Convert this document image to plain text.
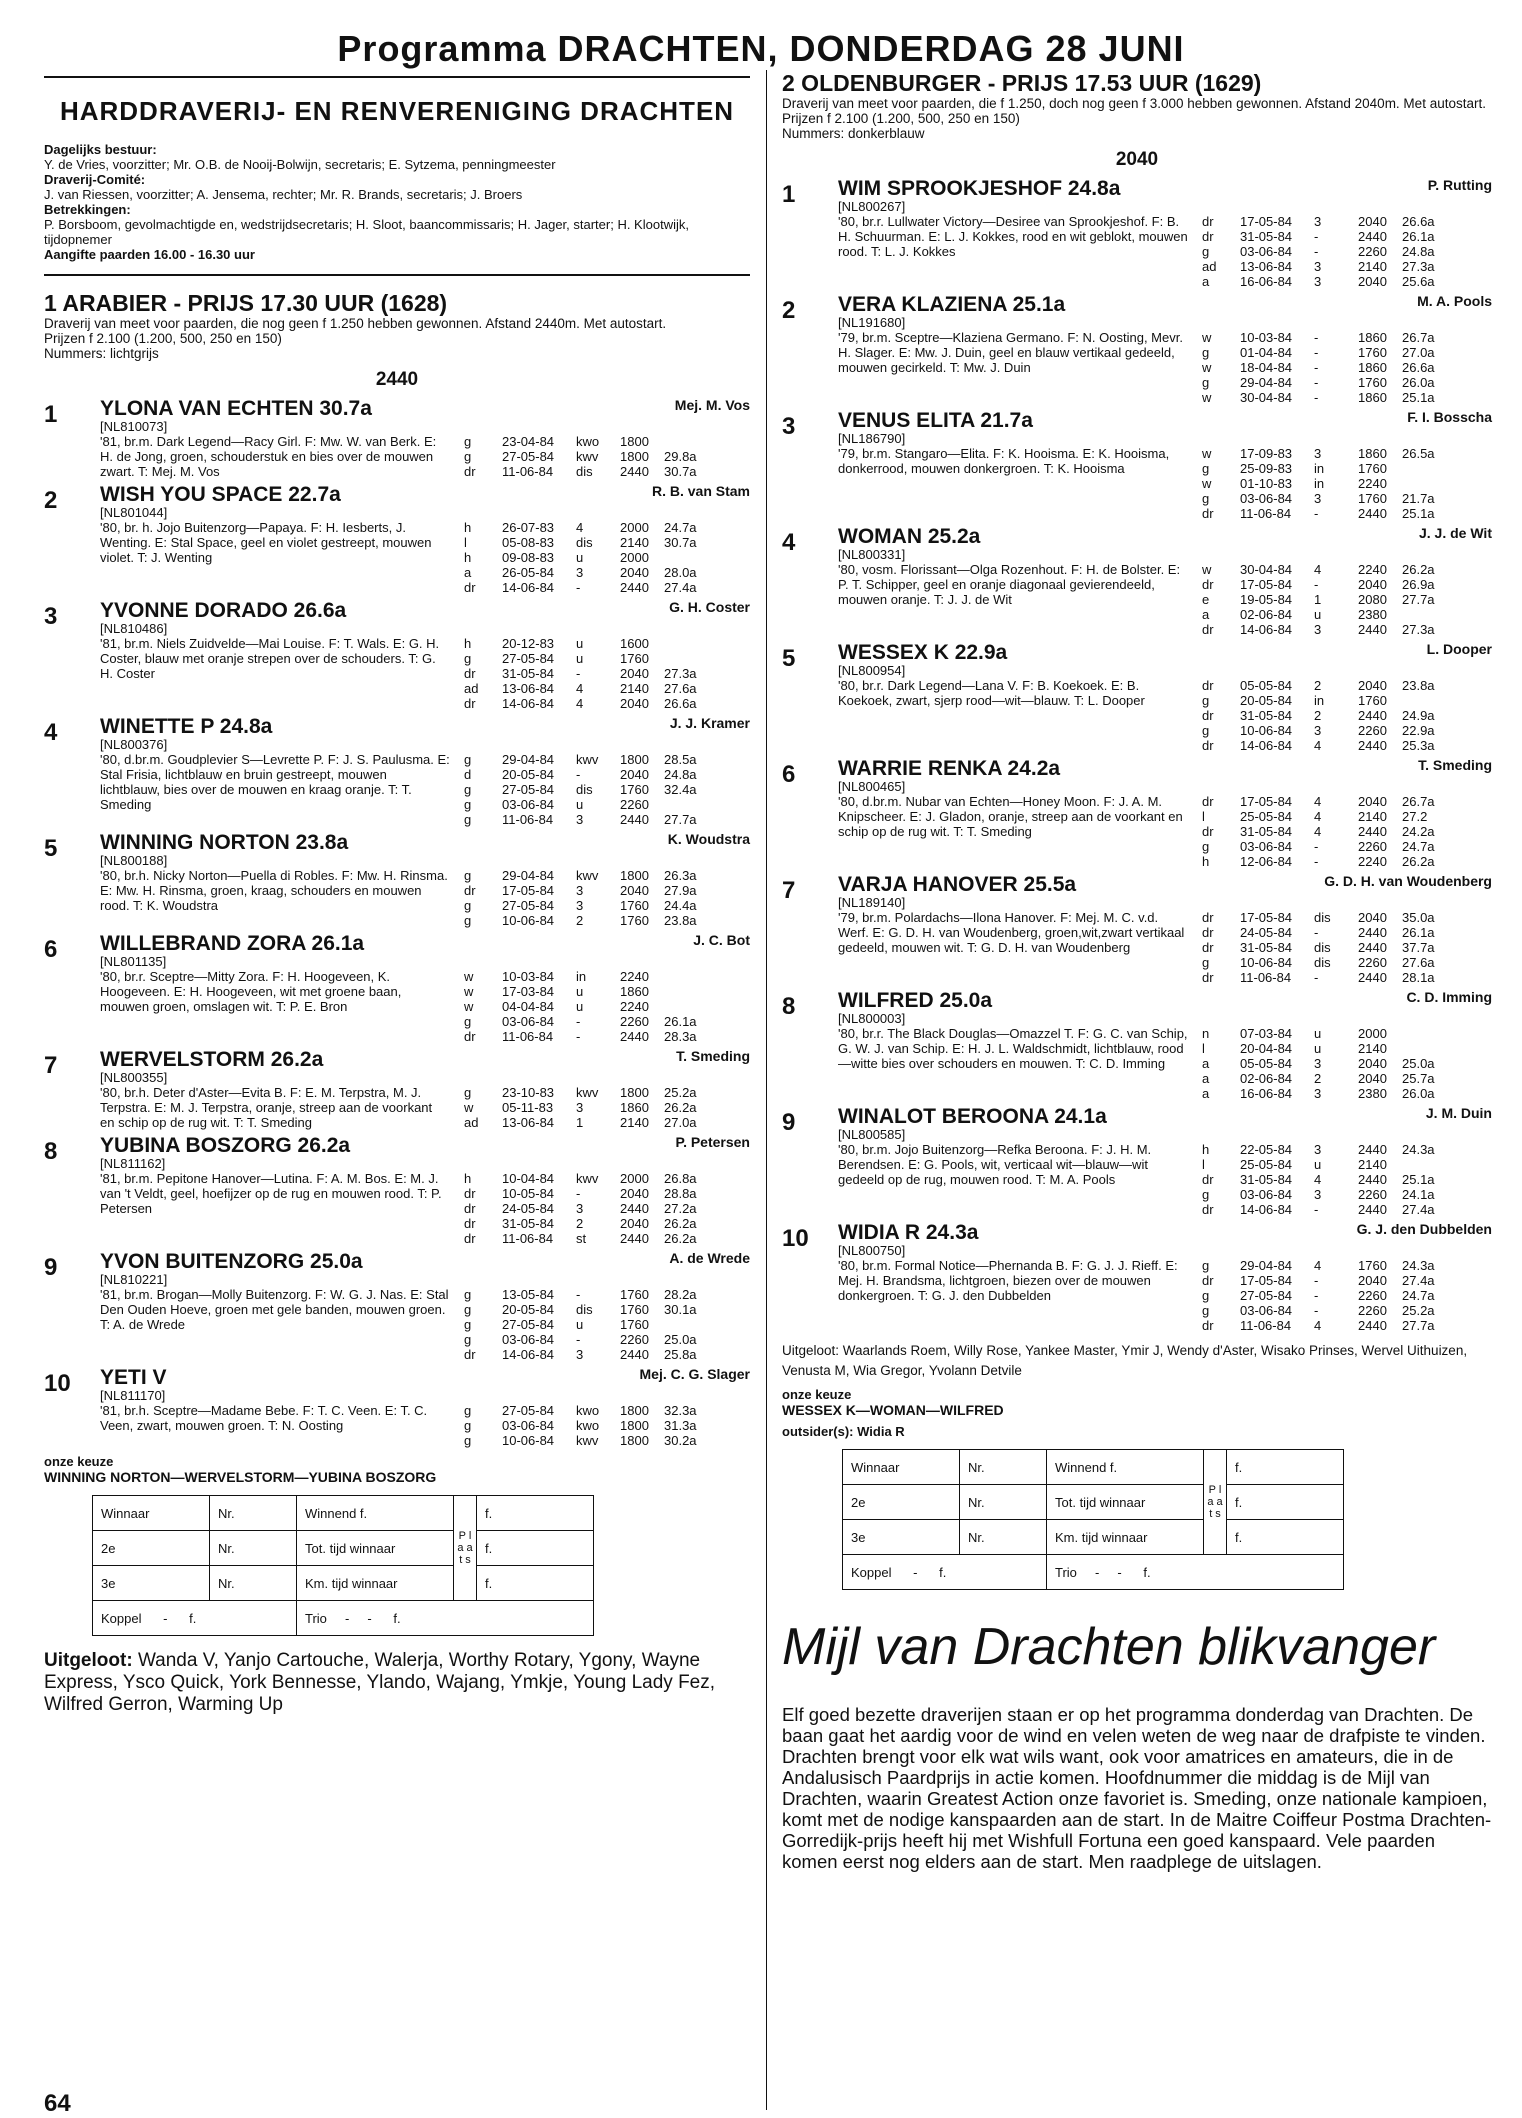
Programma DRACHTEN, DONDERDAG 28 JUNI
HARDDRAVERIJ- EN RENVERENIGING DRACHTEN
Dagelijks bestuur:
Y. de Vries, voorzitter; Mr. O.B. de Nooij-Bolwijn, secretaris; E. Sytzema, penningmeester
Draverij-Comité:
J. van Riessen, voorzitter; A. Jensema, rechter; Mr. R. Brands, secretaris; J. Broers
Betrekkingen:
P. Borsboom, gevolmachtigde en, wedstrijdsecretaris; H. Sloot, baancommissaris; H. Jager, starter; H. Klootwijk, tijdopnemer
Aangifte paarden 16.00 - 16.30 uur
1 ARABIER - PRIJS 17.30 UUR (1628)
Draverij van meet voor paarden, die nog geen f 1.250 hebben gewonnen. Afstand 2440m. Met autostart.
Prijzen f 2.100 (1.200, 500, 250 en 150)
Nummers: lichtgrijs
2440
1	Mej. M. Vos
YLONA VAN ECHTEN 30.7a
[NL810073]
'81, br.m. Dark Legend—Racy Girl. F: Mw. W. van Berk. E: H. de Jong, groen, schouderstuk en bies over de mouwen zwart. T: Mej. M. Vos
g	23-04-84	kwo	1800	
g	27-05-84	kwv	1800	29.8a
dr	11-06-84	dis	2440	30.7a
2	R. B. van Stam
WISH YOU SPACE 22.7a
[NL801044]
'80, br. h. Jojo Buitenzorg—Papaya. F: H. Iesberts, J. Wenting. E: Stal Space, geel en violet gestreept, mouwen violet. T: J. Wenting
h	26-07-83	4	2000	24.7a
l	05-08-83	dis	2140	30.7a
h	09-08-83	u	2000	
a	26-05-84	3	2040	28.0a
dr	14-06-84	-	2440	27.4a
3	G. H. Coster
YVONNE DORADO 26.6a
[NL810486]
'81, br.m. Niels Zuidvelde—Mai Louise. F: T. Wals. E: G. H. Coster, blauw met oranje strepen over de schouders. T: G. H. Coster
h	20-12-83	u	1600	
g	27-05-84	u	1760	
dr	31-05-84	-	2040	27.3a
ad	13-06-84	4	2140	27.6a
dr	14-06-84	4	2040	26.6a
4	J. J. Kramer
WINETTE P 24.8a
[NL800376]
'80, d.br.m. Goudplevier S—Levrette P. F: J. S. Paulusma. E: Stal Frisia, lichtblauw en bruin gestreept, mouwen lichtblauw, bies over de mouwen en kraag oranje. T: T. Smeding
g	29-04-84	kwv	1800	28.5a
d	20-05-84	-	2040	24.8a
g	27-05-84	dis	1760	32.4a
g	03-06-84	u	2260	
g	11-06-84	3	2440	27.7a
5	K. Woudstra
WINNING NORTON 23.8a
[NL800188]
'80, br.h. Nicky Norton—Puella di Robles. F: Mw. H. Rinsma. E: Mw. H. Rinsma, groen, kraag, schouders en mouwen rood. T: K. Woudstra
g	29-04-84	kwv	1800	26.3a
dr	17-05-84	3	2040	27.9a
g	27-05-84	3	1760	24.4a
g	10-06-84	2	1760	23.8a
6	J. C. Bot
WILLEBRAND ZORA 26.1a
[NL801135]
'80, br.r. Sceptre—Mitty Zora. F: H. Hoogeveen, K. Hoogeveen. E: H. Hoogeveen, wit met groene baan, mouwen groen, omslagen wit. T: P. E. Bron
w	10-03-84	in	2240	
w	17-03-84	u	1860	
w	04-04-84	u	2240	
g	03-06-84	-	2260	26.1a
dr	11-06-84	-	2440	28.3a
7	T. Smeding
WERVELSTORM 26.2a
[NL800355]
'80, br.h. Deter d'Aster—Evita B. F: E. M. Terpstra, M. J. Terpstra. E: M. J. Terpstra, oranje, streep aan de voorkant en schip op de rug wit. T: T. Smeding
g	23-10-83	kwv	1800	25.2a
w	05-11-83	3	1860	26.2a
ad	13-06-84	1	2140	27.0a
8	P. Petersen
YUBINA BOSZORG 26.2a
[NL811162]
'81, br.m. Pepitone Hanover—Lutina. F: A. M. Bos. E: M. J. van 't Veldt, geel, hoefijzer op de rug en mouwen rood. T: P. Petersen
h	10-04-84	kwv	2000	26.8a
dr	10-05-84	-	2040	28.8a
dr	24-05-84	3	2440	27.2a
dr	31-05-84	2	2040	26.2a
dr	11-06-84	st	2440	26.2a
9	A. de Wrede
YVON BUITENZORG 25.0a
[NL810221]
'81, br.m. Brogan—Molly Buitenzorg. F: W. G. J. Nas. E: Stal Den Ouden Hoeve, groen met gele banden, mouwen groen. T: A. de Wrede
g	13-05-84	-	1760	28.2a
g	20-05-84	dis	1760	30.1a
g	27-05-84	u	1760	
g	03-06-84	-	2260	25.0a
dr	14-06-84	3	2440	25.8a
10	Mej. C. G. Slager
YETI V
[NL811170]
'81, br.h. Sceptre—Madame Bebe. F: T. C. Veen. E: T. C. Veen, zwart, mouwen groen. T: N. Oosting
g	27-05-84	kwo	1800	32.3a
g	03-06-84	kwo	1800	31.3a
g	10-06-84	kwv	1800	30.2a
onze keuze
WINNING NORTON—WERVELSTORM—YUBINA BOSZORG
Winnaar	Nr.	Winnend f.	P l a a t s	f.
2e	Nr.	Tot. tijd winnaar		f.
3e	Nr.	Km. tijd winnaar		f.
Koppel - f.		Trio - - f.		
Uitgeloot: Wanda V, Yanjo Cartouche, Walerja, Worthy Rotary, Ygony, Wayne Express, Ysco Quick, York Bennesse, Ylando, Wajang, Ymkje, Young Lady Fez, Wilfred Gerron, Warming Up
2 OLDENBURGER - PRIJS 17.53 UUR (1629)
Draverij van meet voor paarden, die f 1.250, doch nog geen f 3.000 hebben gewonnen. Afstand 2040m. Met autostart.
Prijzen f 2.100 (1.200, 500, 250 en 150)
Nummers: donkerblauw
2040
1	P. Rutting
WIM SPROOKJESHOF 24.8a
[NL800267]
'80, br.r. Lullwater Victory—Desiree van Sprookjeshof. F: B. H. Schuurman. E: L. J. Kokkes, rood en wit geblokt, mouwen rood. T: L. J. Kokkes
dr	17-05-84	3	2040	26.6a
dr	31-05-84	-	2440	26.1a
g	03-06-84	-	2260	24.8a
ad	13-06-84	3	2140	27.3a
a	16-06-84	3	2040	25.6a
2	M. A. Pools
VERA KLAZIENA 25.1a
[NL191680]
'79, br.m. Sceptre—Klaziena Germano. F: N. Oosting, Mevr. H. Slager. E: Mw. J. Duin, geel en blauw vertikaal gedeeld, mouwen gecirkeld. T: Mw. J. Duin
w	10-03-84	-	1860	26.7a
g	01-04-84	-	1760	27.0a
w	18-04-84	-	1860	26.6a
g	29-04-84	-	1760	26.0a
w	30-04-84	-	1860	25.1a
3	F. I. Bosscha
VENUS ELITA 21.7a
[NL186790]
'79, br.m. Stangaro—Elita. F: K. Hooisma. E: K. Hooisma, donkerrood, mouwen donkergroen. T: K. Hooisma
w	17-09-83	3	1860	26.5a
g	25-09-83	in	1760	
w	01-10-83	in	2240	
g	03-06-84	3	1760	21.7a
dr	11-06-84	-	2440	25.1a
4	J. J. de Wit
WOMAN 25.2a
[NL800331]
'80, vosm. Florissant—Olga Rozenhout. F: H. de Bolster. E: P. T. Schipper, geel en oranje diagonaal gevierendeeld, mouwen oranje. T: J. J. de Wit
w	30-04-84	4	2240	26.2a
dr	17-05-84	-	2040	26.9a
e	19-05-84	1	2080	27.7a
a	02-06-84	u	2380	
dr	14-06-84	3	2440	27.3a
5	L. Dooper
WESSEX K 22.9a
[NL800954]
'80, br.r. Dark Legend—Lana V. F: B. Koekoek. E: B. Koekoek, zwart, sjerp rood—wit—blauw. T: L. Dooper
dr	05-05-84	2	2040	23.8a
g	20-05-84	in	1760	
dr	31-05-84	2	2440	24.9a
g	10-06-84	3	2260	22.9a
dr	14-06-84	4	2440	25.3a
6	T. Smeding
WARRIE RENKA 24.2a
[NL800465]
'80, d.br.m. Nubar van Echten—Honey Moon. F: J. A. M. Knipscheer. E: J. Gladon, oranje, streep aan de voorkant en schip op de rug wit. T: T. Smeding
dr	17-05-84	4	2040	26.7a
l	25-05-84	4	2140	27.2
dr	31-05-84	4	2440	24.2a
g	03-06-84	-	2260	24.7a
h	12-06-84	-	2240	26.2a
7	G. D. H. van Woudenberg
VARJA HANOVER 25.5a
[NL189140]
'79, br.m. Polardachs—Ilona Hanover. F: Mej. M. C. v.d. Werf. E: G. D. H. van Woudenberg, groen,wit,zwart vertikaal gedeeld, mouwen wit. T: G. D. H. van Woudenberg
dr	17-05-84	dis	2040	35.0a
dr	24-05-84	-	2440	26.1a
dr	31-05-84	dis	2440	37.7a
g	10-06-84	dis	2260	27.6a
dr	11-06-84	-	2440	28.1a
8	C. D. Imming
WILFRED 25.0a
[NL800003]
'80, br.r. The Black Douglas—Omazzel T. F: G. C. van Schip, G. W. J. van Schip. E: H. J. L. Waldschmidt, lichtblauw, rood—witte bies over schouders en mouwen. T: C. D. Imming
n	07-03-84	u	2000	
l	20-04-84	u	2140	
a	05-05-84	3	2040	25.0a
a	02-06-84	2	2040	25.7a
a	16-06-84	3	2380	26.0a
9	J. M. Duin
WINALOT BEROONA 24.1a
[NL800585]
'80, br.m. Jojo Buitenzorg—Refka Beroona. F: J. H. M. Berendsen. E: G. Pools, wit, verticaal wit—blauw—wit gedeeld op de rug, mouwen rood. T: M. A. Pools
h	22-05-84	3	2440	24.3a
l	25-05-84	u	2140	
dr	31-05-84	4	2440	25.1a
g	03-06-84	3	2260	24.1a
dr	14-06-84	-	2440	27.4a
10	G. J. den Dubbelden
WIDIA R 24.3a
[NL800750]
'80, br.m. Formal Notice—Phernanda B. F: G. J. J. Rieff. E: Mej. H. Brandsma, lichtgroen, biezen over de mouwen donkergroen. T: G. J. den Dubbelden
g	29-04-84	4	1760	24.3a
dr	17-05-84	-	2040	27.4a
g	27-05-84	-	2260	24.7a
g	03-06-84	-	2260	25.2a
dr	11-06-84	4	2440	27.7a
Uitgeloot: Waarlands Roem, Willy Rose, Yankee Master, Ymir J, Wendy d'Aster, Wisako Prinses, Wervel Uithuizen, Venusta M, Wia Gregor, Yvolann Detvile
onze keuze
WESSEX K—WOMAN—WILFRED
outsider(s): Widia R
Winnaar	Nr.	Winnend f.	P l a a t s	f.
2e	Nr.	Tot. tijd winnaar		f.
3e	Nr.	Km. tijd winnaar		f.
Koppel - f.		Trio - - f.		
Mijl van Drachten blikvanger
Elf goed bezette draverijen staan er op het programma donderdag van Drachten. De baan gaat het aardig voor de wind en velen weten de weg naar de drafpiste te vinden. Drachten brengt voor elk wat wils want, ook voor amatrices en amateurs, die in de Andalusisch Paardprijs in actie komen. Hoofdnummer die middag is de Mijl van Drachten, waarin Greatest Action onze favoriet is. Smeding, onze nationale kampioen, komt met de nodige kanspaarden aan de start. In de Maitre Coiffeur Postma Drachten-Gorredijk-prijs heeft hij met Wishfull Fortuna een goed kanspaard. Vele paarden komen eerst nog elders aan de start. Men raadplege de uitslagen.
64
